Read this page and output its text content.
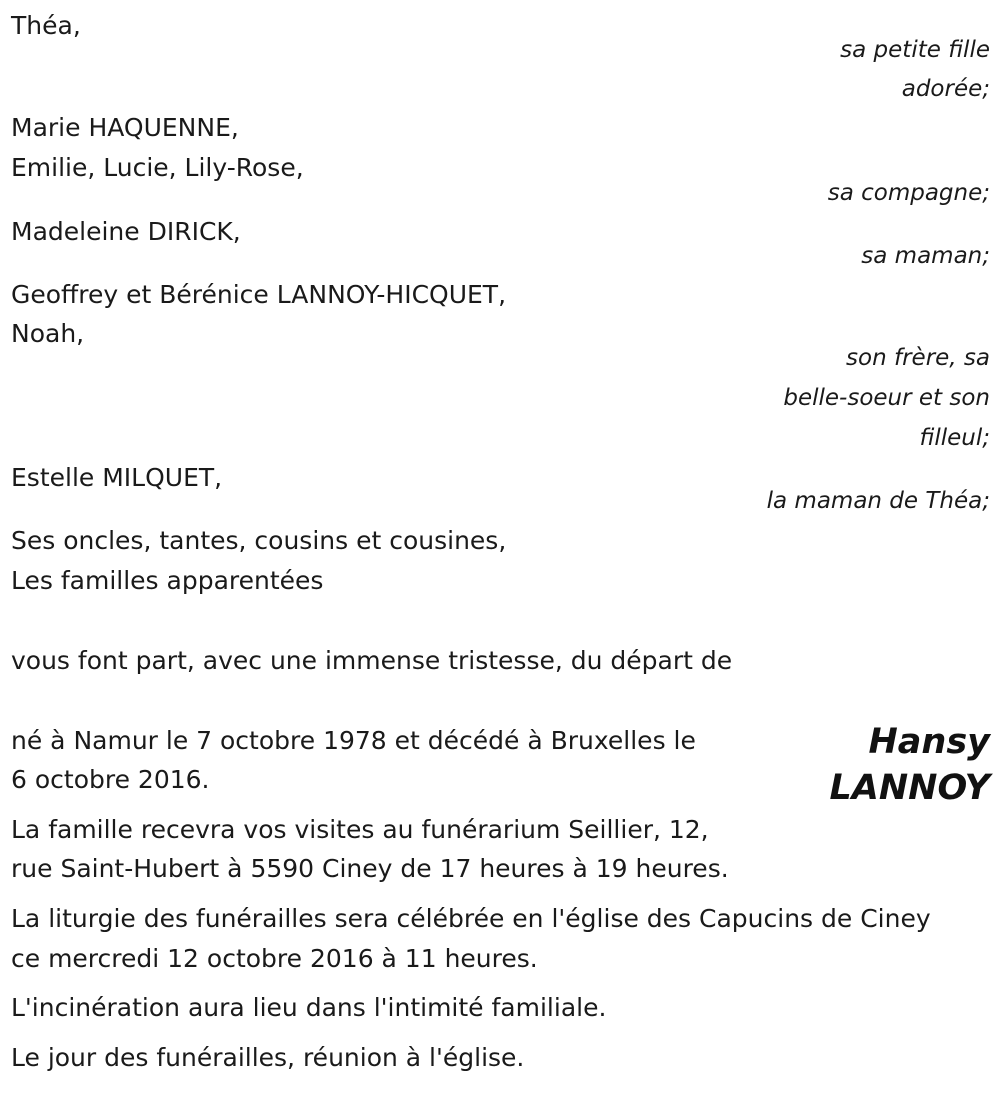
Théa,

sa petite fille

adorée;

Marie HAQUENNE,

Emilie, Lucie, Lily-Rose,

sa compagne;

Madeleine DIRICK,

sa maman;

Geoffrey et Bérénice LANNOY-HICQUET,

Noah,

son frère, sa

belle-soeur et son

filleul;

Estelle MILQUET,

la maman de Théa;

Ses oncles, tantes, cousins et cousines,

Les familles apparentées

vous font part, avec une immense tristesse, du départ de

Hansy
LANNOY

né à Namur le 7 octobre 1978 et décédé à Bruxelles le

6 octobre 2016.

La famille recevra vos visites au funérarium Seillier, 12,

rue Saint-Hubert à 5590 Ciney de 17 heures à 19 heures.

La liturgie des funérailles sera célébrée en l'église des Capucins de Ciney

ce mercredi 12 octobre 2016 à 11 heures.

L'incinération aura lieu dans l'intimité familiale.

Le jour des funérailles, réunion à l'église.
